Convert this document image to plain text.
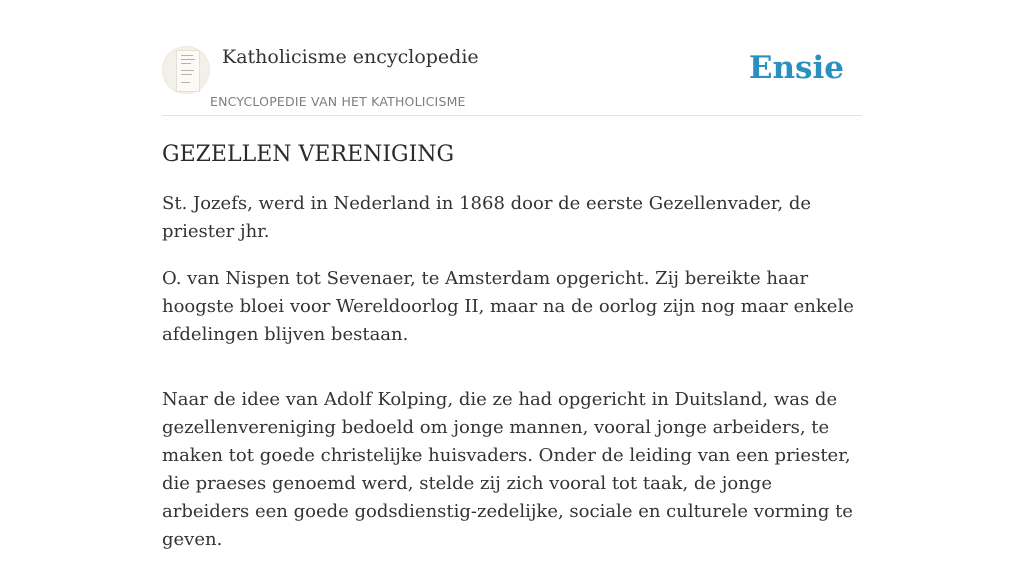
Katholicisme encyclopedie
ENCYCLOPEDIE VAN HET KATHOLICISME
Ensie
GEZELLEN VERENIGING

St. Jozefs, werd in Nederland in 1868 door de eerste Gezellenvader, de priester jhr.

O. van Nispen tot Sevenaer, te Amsterdam opgericht. Zij bereikte haar hoogste bloei voor Wereldoorlog II, maar na de oorlog zijn nog maar enkele afdelingen blijven bestaan.

Naar de idee van Adolf Kolping, die ze had opgericht in Duitsland, was de gezellenvereniging bedoeld om jonge mannen, vooral jonge arbeiders, te maken tot goede christelijke huisvaders. Onder de leiding van een priester, die praeses genoemd werd, stelde zij zich vooral tot taak, de jonge arbeiders een goede godsdienstig-zedelijke, sociale en culturele vorming te geven.
